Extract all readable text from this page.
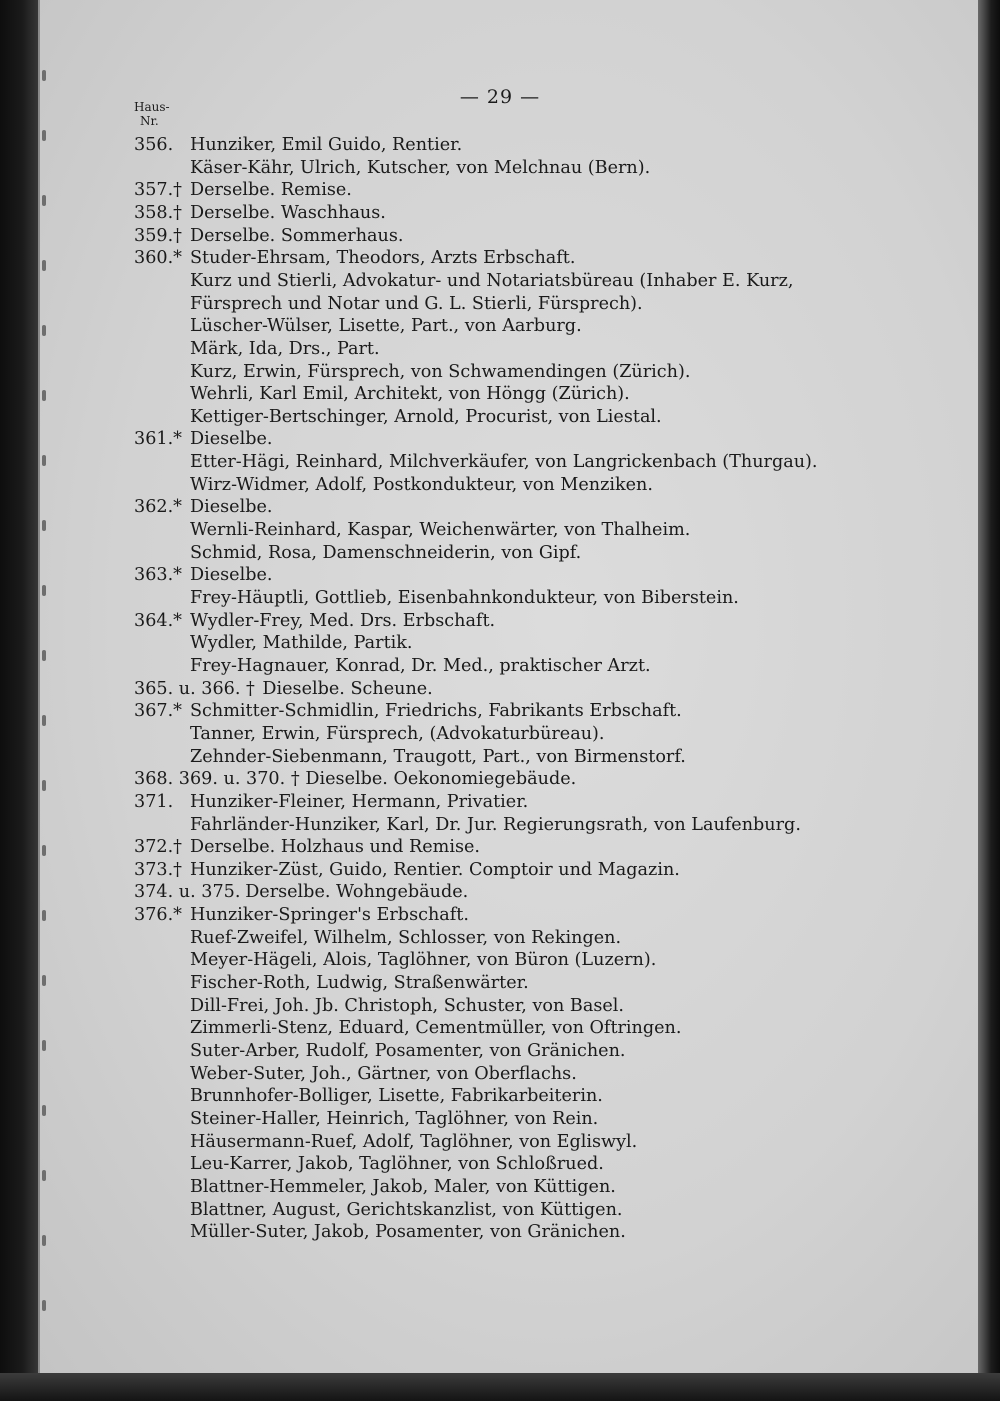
— 29 —
Haus-
Nr.
356. Hunziker, Emil Guido, Rentier.
Käser-Kähr, Ulrich, Kutscher, von Melchnau (Bern).
357.† Derselbe. Remise.
358.† Derselbe. Waschhaus.
359.† Derselbe. Sommerhaus.
360.* Studer-Ehrsam, Theodors, Arzts Erbschaft.
Kurz und Stierli, Advokatur- und Notariatsbüreau (Inhaber E. Kurz,
Fürsprech und Notar und G. L. Stierli, Fürsprech).
Lüscher-Wülser, Lisette, Part., von Aarburg.
Märk, Ida, Drs., Part.
Kurz, Erwin, Fürsprech, von Schwamendingen (Zürich).
Wehrli, Karl Emil, Architekt, von Höngg (Zürich).
Kettiger-Bertschinger, Arnold, Procurist, von Liestal.
361.* Dieselbe.
Etter-Hägi, Reinhard, Milchverkäufer, von Langrickenbach (Thurgau).
Wirz-Widmer, Adolf, Postkondukteur, von Menziken.
362.* Dieselbe.
Wernli-Reinhard, Kaspar, Weichenwärter, von Thalheim.
Schmid, Rosa, Damenschneiderin, von Gipf.
363.* Dieselbe.
Frey-Häuptli, Gottlieb, Eisenbahnkondukteur, von Biberstein.
364.* Wydler-Frey, Med. Drs. Erbschaft.
Wydler, Mathilde, Partik.
Frey-Hagnauer, Konrad, Dr. Med., praktischer Arzt.
365. u. 366. † Dieselbe. Scheune.
367.* Schmitter-Schmidlin, Friedrichs, Fabrikants Erbschaft.
Tanner, Erwin, Fürsprech, (Advokaturbüreau).
Zehnder-Siebenmann, Traugott, Part., von Birmenstorf.
368. 369. u. 370. † Dieselbe. Oekonomiegebäude.
371. Hunziker-Fleiner, Hermann, Privatier.
Fahrländer-Hunziker, Karl, Dr. Jur. Regierungsrath, von Laufenburg.
372.† Derselbe. Holzhaus und Remise.
373.† Hunziker-Züst, Guido, Rentier. Comptoir und Magazin.
374. u. 375. Derselbe. Wohngebäude.
376.* Hunziker-Springer's Erbschaft.
Ruef-Zweifel, Wilhelm, Schlosser, von Rekingen.
Meyer-Hägeli, Alois, Taglöhner, von Büron (Luzern).
Fischer-Roth, Ludwig, Straßenwärter.
Dill-Frei, Joh. Jb. Christoph, Schuster, von Basel.
Zimmerli-Stenz, Eduard, Cementmüller, von Oftringen.
Suter-Arber, Rudolf, Posamenter, von Gränichen.
Weber-Suter, Joh., Gärtner, von Oberflachs.
Brunnhofer-Bolliger, Lisette, Fabrikarbeiterin.
Steiner-Haller, Heinrich, Taglöhner, von Rein.
Häusermann-Ruef, Adolf, Taglöhner, von Egliswyl.
Leu-Karrer, Jakob, Taglöhner, von Schloßrued.
Blattner-Hemmeler, Jakob, Maler, von Küttigen.
Blattner, August, Gerichtskanzlist, von Küttigen.
Müller-Suter, Jakob, Posamenter, von Gränichen.
